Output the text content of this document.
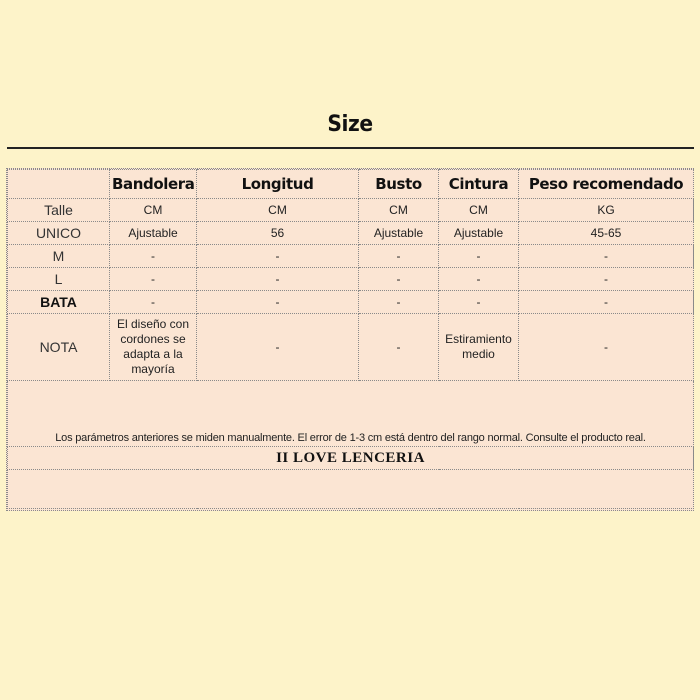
Size
	Bandolera	Longitud	Busto	Cintura	Peso recomendado
Talle	CM	CM	CM	CM	KG
UNICO	Ajustable	56	Ajustable	Ajustable	45-65
M	-	-	-	-	-
L	-	-	-	-	-
BATA	-	-	-	-	-
NOTA	El diseño con cordones se adapta a la mayoría	-	-	Estiramiento medio	-
Los parámetros anteriores se miden manualmente. El error de 1-3 cm está dentro del rango normal. Consulte el producto real.					
II LOVE LENCERIA					
